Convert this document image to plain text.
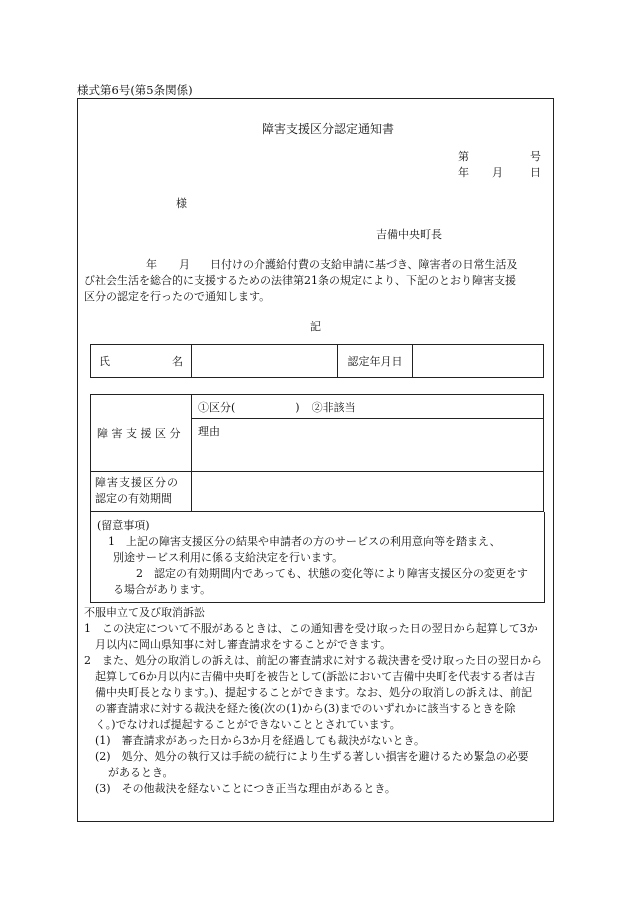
様式第6号(第5条関係)
障害支援区分認定通知書
第	号
年 月 日
様
吉備中央町長
年 月 日付けの介護給付費の支給申請に基づき、障害者の日常生活及
び社会生活を総合的に支援するための法律第21条の規定により、下記のとおり障害支援
区分の認定を行ったので通知します。
記
氏	名		認定年月日	
障害支援区分	①区分( ) ②非該当
	理由

障害支援区分の
認定の有効期間	

(留意事項)
1　上記の障害支援区分の結果や申請者の方のサービスの利用意向等を踏まえ、
別途サービス利用に係る支給決定を行います。
2　認定の有効期間内であっても、状態の変化等により障害支援区分の変更をす
る場合があります。
不服申立て及び取消訴訟
1　この決定について不服があるときは、この通知書を受け取った日の翌日から起算して3か
月以内に岡山県知事に対し審査請求をすることができます。
2　また、処分の取消しの訴えは、前記の審査請求に対する裁決書を受け取った日の翌日から
起算して6か月以内に吉備中央町を被告として(訴訟において吉備中央町を代表する者は吉
備中央町長となります。)、提起することができます。なお、処分の取消しの訴えは、前記
の審査請求に対する裁決を経た後(次の(1)から(3)までのいずれかに該当するときを除
く。)でなければ提起することができないこととされています。
(1)　審査請求があった日から3か月を経過しても裁決がないとき。
(2)　処分、処分の執行又は手続の続行により生ずる著しい損害を避けるため緊急の必要
があるとき。
(3)　その他裁決を経ないことにつき正当な理由があるとき。
